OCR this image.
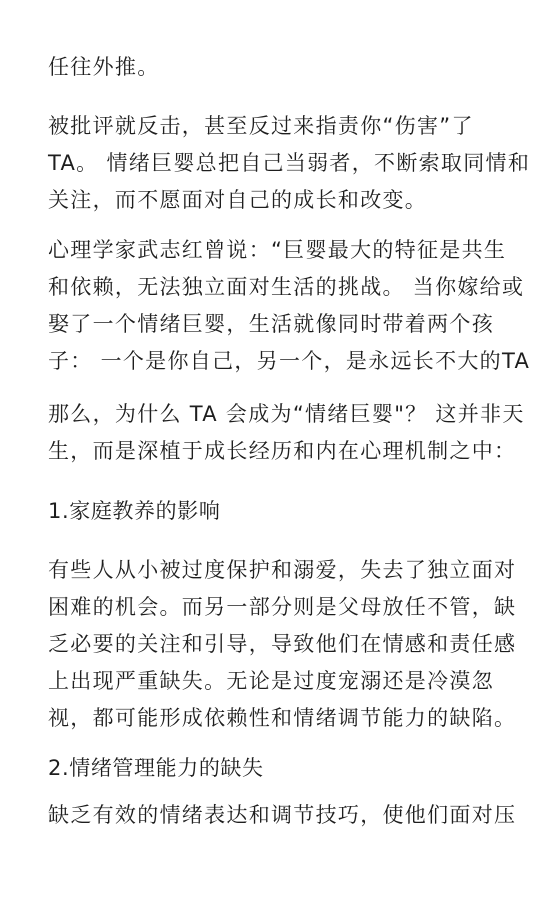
任往外推。
被批评就反击，甚至反过来指责你“伤害”了
TA。 情绪巨婴总把自己当弱者，不断索取同情和
关注，而不愿面对自己的成长和改变。
心理学家武志红曾说：“巨婴最大的特征是共生
和依赖，无法独立面对生活的挑战。 当你嫁给或
娶了一个情绪巨婴，生活就像同时带着两个孩
子： 一个是你自己，另一个，是永远长不大的TA
那么，为什么 TA 会成为“情绪巨婴"？ 这并非天
生，而是深植于成长经历和内在心理机制之中：
1.家庭教养的影响
有些人从小被过度保护和溺爱，失去了独立面对
困难的机会。而另一部分则是父母放任不管，缺
乏必要的关注和引导，导致他们在情感和责任感
上出现严重缺失。无论是过度宠溺还是冷漠忽
视，都可能形成依赖性和情绪调节能力的缺陷。
2.情绪管理能力的缺失
缺乏有效的情绪表达和调节技巧，使他们面对压
